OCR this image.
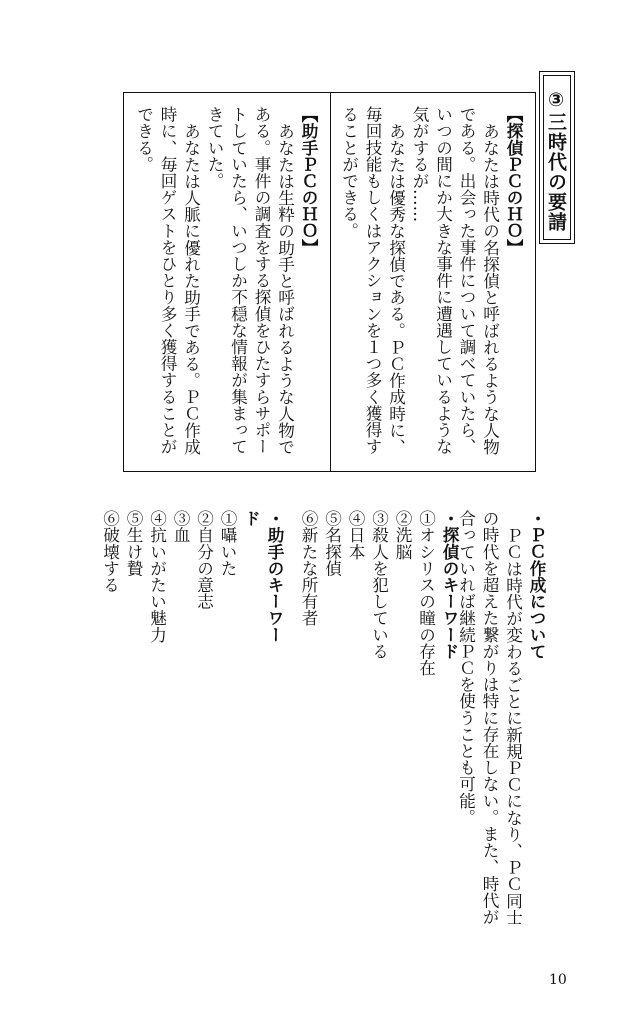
③三時代の要請

【探偵ＰＣのＨＯ】

あなたは時代の名探偵と呼ばれるような人物である。出会った事件について調べていたら、いつの間にか大きな事件に遭遇しているような気がするが……

あなたは優秀な探偵である。ＰＣ作成時に、毎回技能もしくはアクションを１つ多く獲得することができる。

【助手ＰＣのＨＯ】

あなたは生粋の助手と呼ばれるような人物である。事件の調査をする探偵をひたすらサポートしていたら、いつしか不穏な情報が集まってきていた。

あなたは人脈に優れた助手である。ＰＣ作成時に、毎回ゲストをひとり多く獲得することができる。

・ＰＣ作成について

ＰＣは時代が変わるごとに新規ＰＣになり、ＰＣ同士の時代を超えた繋がりは特に存在しない。また、時代が合っていれば継続ＰＣを使うことも可能。

・探偵のキーワード

①オシリスの瞳の存在

②洗脳

③殺人を犯している

④日本

⑤名探偵

⑥新たな所有者

・助手のキーワード

①囁いた

②自分の意志

③血

④抗いがたい魅力

⑤生け贄

⑥破壊する

10
